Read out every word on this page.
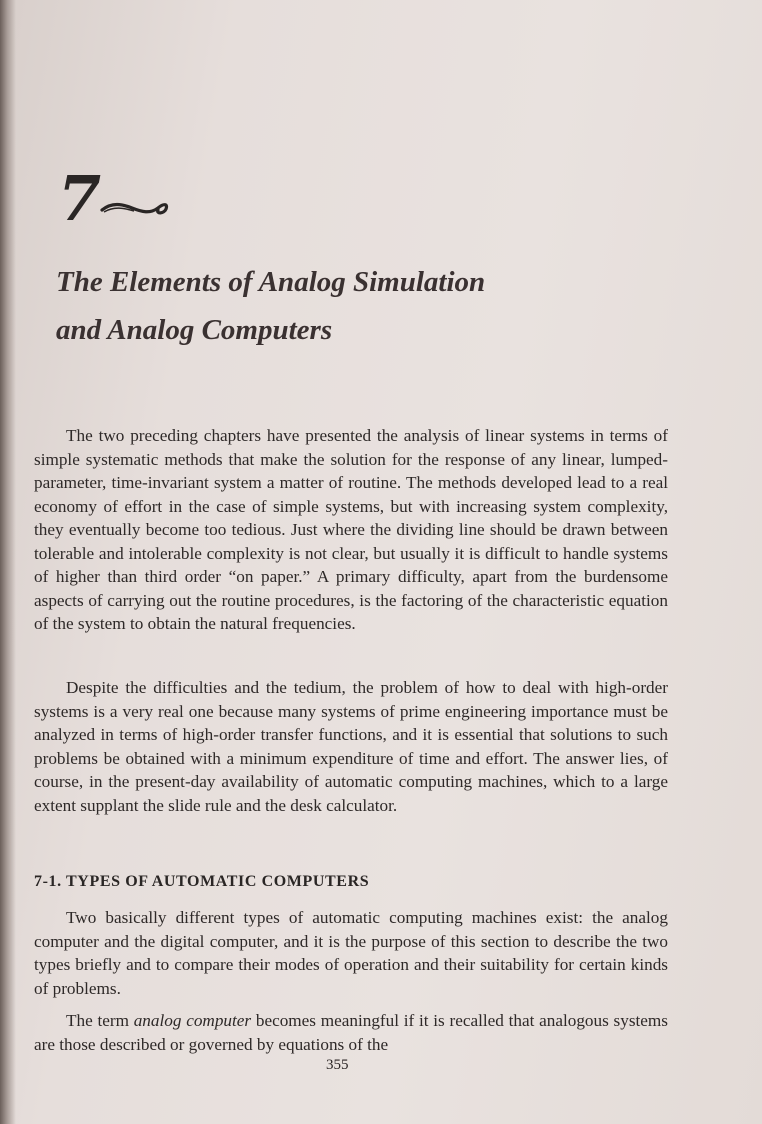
7
The Elements of Analog Simulation
and Analog Computers

The two preceding chapters have presented the analysis of linear systems in terms of simple systematic methods that make the solution for the response of any linear, lumped-parameter, time-invariant system a matter of routine. The methods developed lead to a real economy of effort in the case of simple systems, but with increasing system complexity, they eventually become too tedious. Just where the dividing line should be drawn between tolerable and intolerable complexity is not clear, but usually it is difficult to handle systems of higher than third order “on paper.” A primary difficulty, apart from the burdensome aspects of carrying out the routine procedures, is the factoring of the characteristic equation of the system to obtain the natural frequencies.

Despite the difficulties and the tedium, the problem of how to deal with high-order systems is a very real one because many systems of prime engineering importance must be analyzed in terms of high-order transfer functions, and it is essential that solutions to such problems be obtained with a minimum expenditure of time and effort. The answer lies, of course, in the present-day availability of automatic computing machines, which to a large extent supplant the slide rule and the desk calculator.

7-1. TYPES OF AUTOMATIC COMPUTERS

Two basically different types of automatic computing machines exist: the analog computer and the digital computer, and it is the purpose of this section to describe the two types briefly and to compare their modes of operation and their suitability for certain kinds of problems.

The term analog computer becomes meaningful if it is recalled that analogous systems are those described or governed by equations of the

355
